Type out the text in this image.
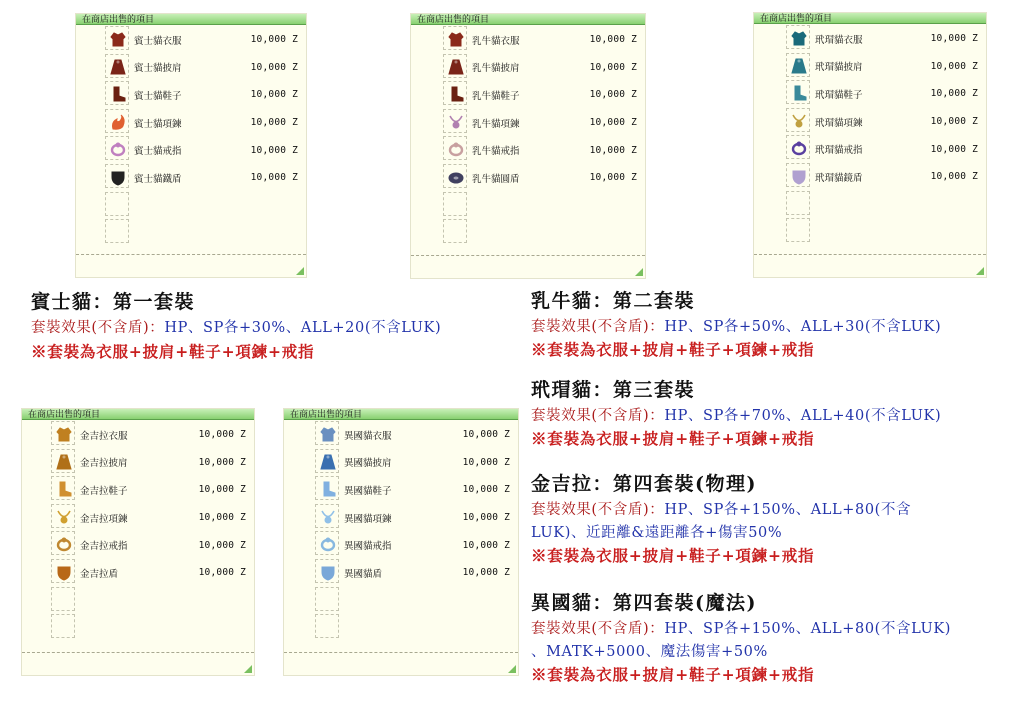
在商店出售的項目
賓士貓衣服	10,000 Z
賓士貓披肩	10,000 Z
賓士貓鞋子	10,000 Z
賓士貓項鍊	10,000 Z
賓士貓戒指	10,000 Z
賓士貓鐵盾	10,000 Z
在商店出售的項目
乳牛貓衣服	10,000 Z
乳牛貓披肩	10,000 Z
乳牛貓鞋子	10,000 Z
乳牛貓項鍊	10,000 Z
乳牛貓戒指	10,000 Z
乳牛貓圓盾	10,000 Z
在商店出售的項目
玳瑁貓衣服	10,000 Z
玳瑁貓披肩	10,000 Z
玳瑁貓鞋子	10,000 Z
玳瑁貓項鍊	10,000 Z
玳瑁貓戒指	10,000 Z
玳瑁貓鏡盾	10,000 Z
在商店出售的項目
金吉拉衣服	10,000 Z
金吉拉披肩	10,000 Z
金吉拉鞋子	10,000 Z
金吉拉項鍊	10,000 Z
金吉拉戒指	10,000 Z
金吉拉盾	10,000 Z
在商店出售的項目
異國貓衣服	10,000 Z
異國貓披肩	10,000 Z
異國貓鞋子	10,000 Z
異國貓項鍊	10,000 Z
異國貓戒指	10,000 Z
異國貓盾	10,000 Z
賓士貓：第一套裝
套裝效果(不含盾)：HP、SP各+30%、ALL+20(不含LUK)
※套裝為衣服+披肩+鞋子+項鍊+戒指
乳牛貓：第二套裝
套裝效果(不含盾)：HP、SP各+50%、ALL+30(不含LUK)
※套裝為衣服+披肩+鞋子+項鍊+戒指
玳瑁貓：第三套裝
套裝效果(不含盾)：HP、SP各+70%、ALL+40(不含LUK)
※套裝為衣服+披肩+鞋子+項鍊+戒指
金吉拉：第四套裝(物理)
套裝效果(不含盾)：HP、SP各+150%、ALL+80(不含
LUK)、近距離&遠距離各+傷害50%
※套裝為衣服+披肩+鞋子+項鍊+戒指
異國貓：第四套裝(魔法)
套裝效果(不含盾)：HP、SP各+150%、ALL+80(不含LUK)
、MATK+5000、魔法傷害+50%
※套裝為衣服+披肩+鞋子+項鍊+戒指
